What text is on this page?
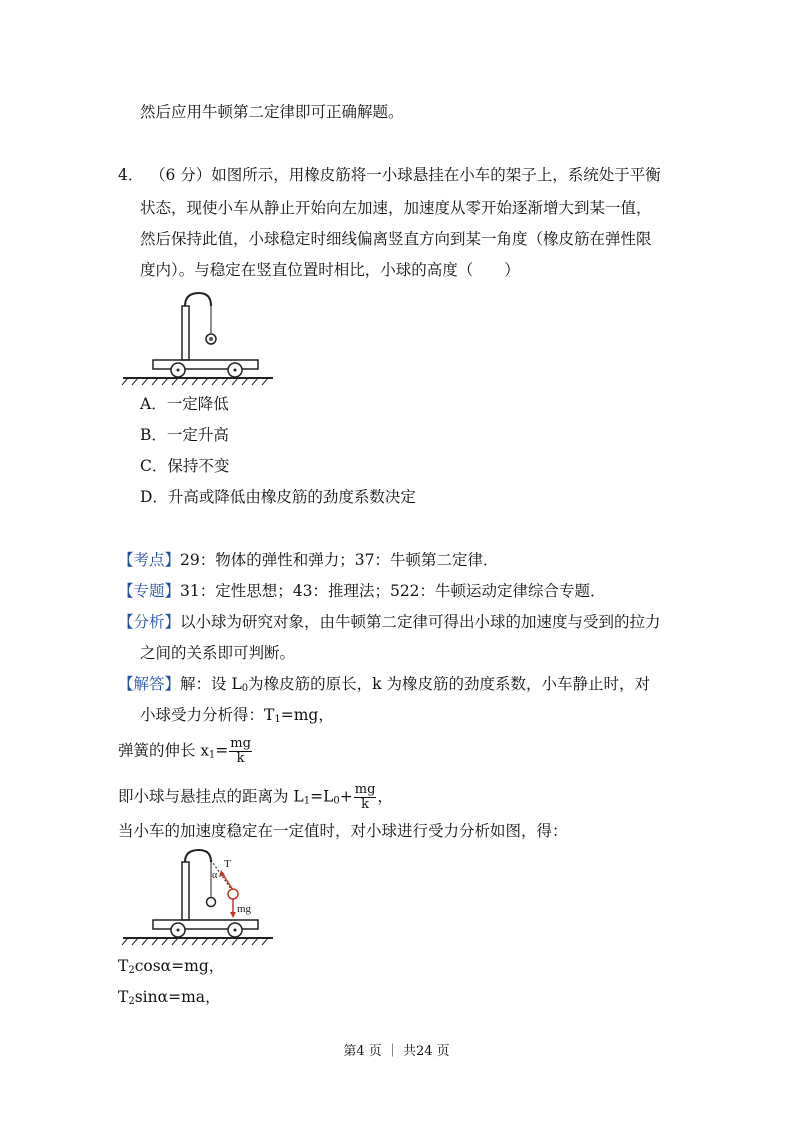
然后应用牛顿第二定律即可正确解题。
4． （6 分）如图所示，用橡皮筋将一小球悬挂在小车的架子上，系统处于平衡
状态，现使小车从静止开始向左加速，加速度从零开始逐渐增大到某一值，
然后保持此值，小球稳定时细线偏离竖直方向到某一角度（橡皮筋在弹性限
度内）。与稳定在竖直位置时相比，小球的高度（　　）
A．一定降低
B．一定升高
C．保持不变
D．升高或降低由橡皮筋的劲度系数决定
【考点】29：物体的弹性和弹力；37：牛顿第二定律．
【专题】31：定性思想；43：推理法；522：牛顿运动定律综合专题．
【分析】以小球为研究对象，由牛顿第二定律可得出小球的加速度与受到的拉力
之间的关系即可判断。
【解答】解：设 $L_0$为橡皮筋的原长，k 为橡皮筋的劲度系数，小车静止时，对
小球受力分析得：$T_1=mg$，
弹簧的伸长 $x_1= \frac{mg}{k}$
即小球与悬挂点的距离为 $L_1=L_0+ \frac{mg}{k}$ ，
当小车的加速度稳定在一定值时，对小球进行受力分析如图，得：
T
α
mg
$T_2\cos\alpha=mg$，
$T_2\sin\alpha=ma$，
第4 页 ｜ 共24 页
